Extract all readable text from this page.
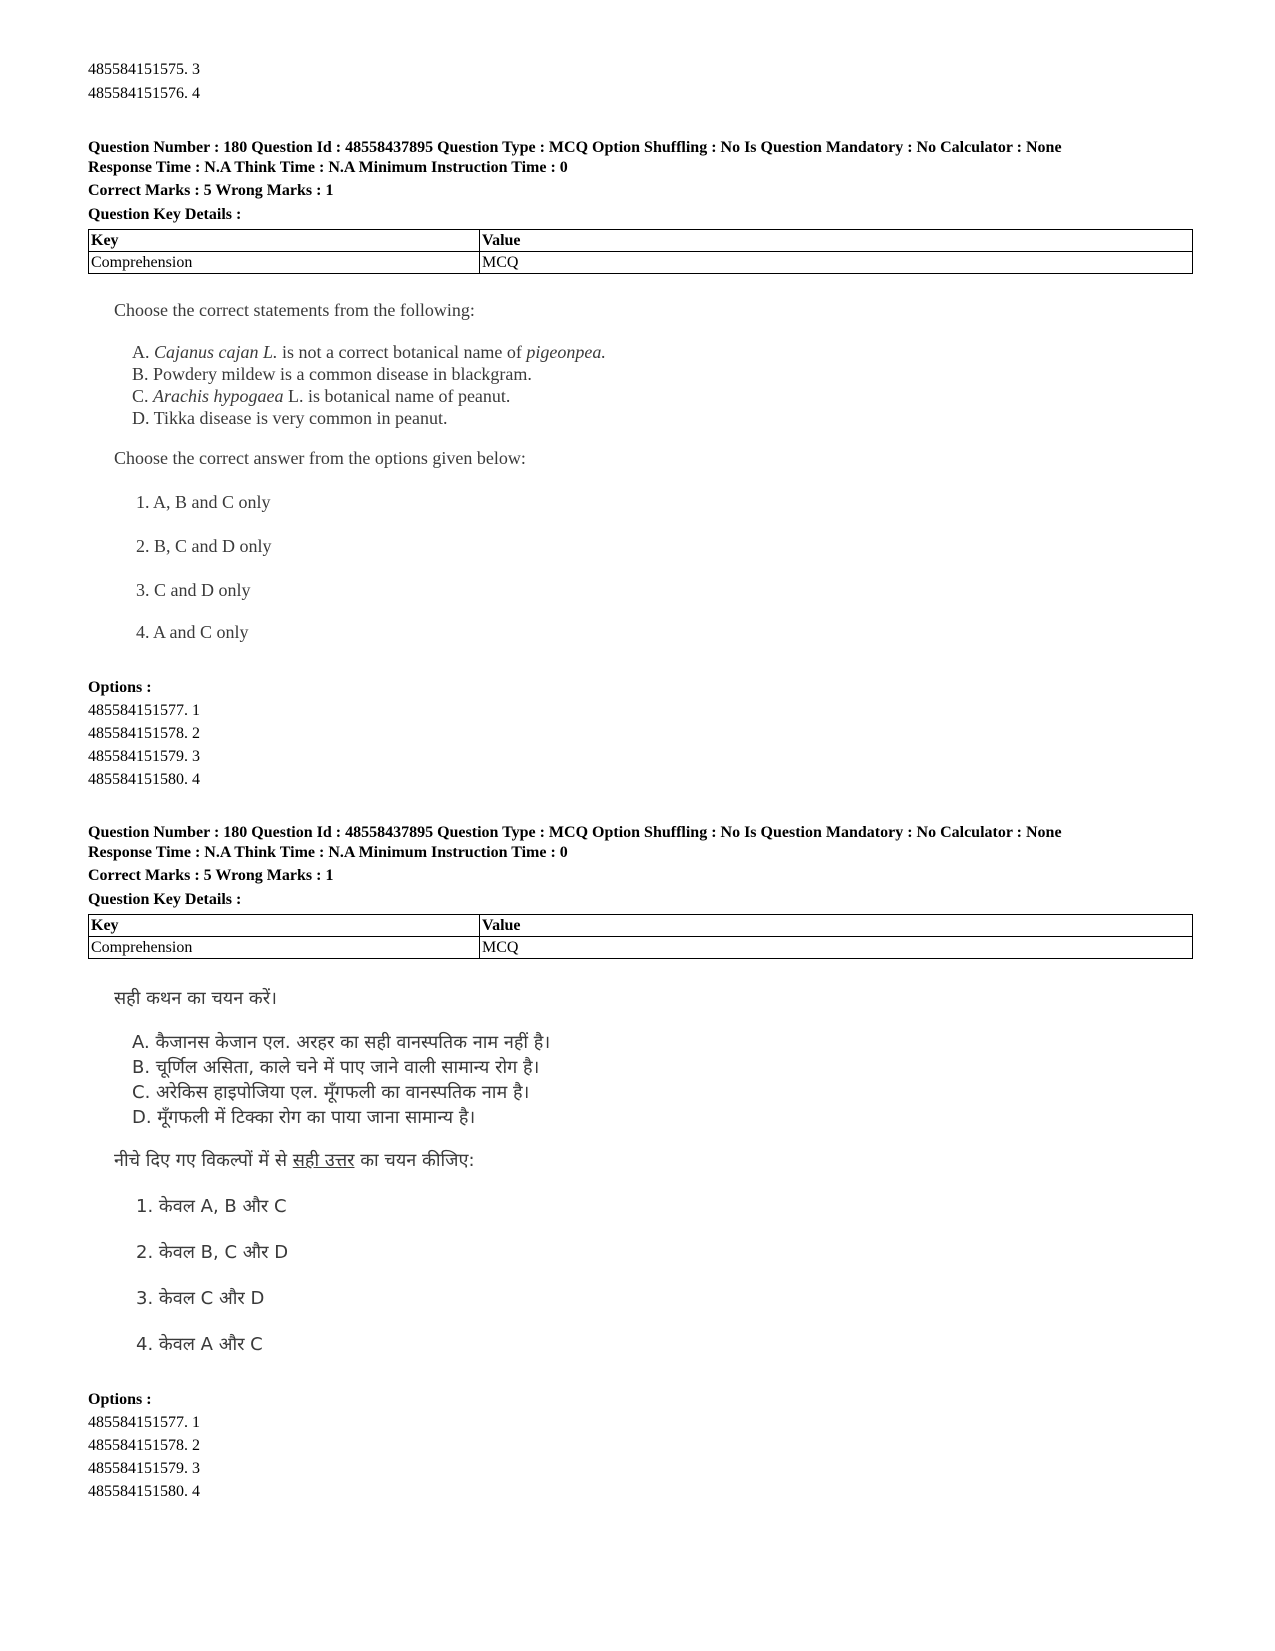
485584151575. 3
485584151576. 4
Question Number : 180 Question Id : 48558437895 Question Type : MCQ Option Shuffling : No Is Question Mandatory : No Calculator : None
Response Time : N.A Think Time : N.A Minimum Instruction Time : 0
Correct Marks : 5 Wrong Marks : 1
Question Key Details :
Key	Value
Comprehension	MCQ
Choose the correct statements from the following:
A. Cajanus cajan L. is not a correct botanical name of pigeonpea.
B. Powdery mildew is a common disease in blackgram.
C. Arachis hypogaea L. is botanical name of peanut.
D. Tikka disease is very common in peanut.
Choose the correct answer from the options given below:
1. A, B and C only
2. B, C and D only
3. C and D only
4. A and C only
Options :
485584151577. 1
485584151578. 2
485584151579. 3
485584151580. 4
Question Number : 180 Question Id : 48558437895 Question Type : MCQ Option Shuffling : No Is Question Mandatory : No Calculator : None
Response Time : N.A Think Time : N.A Minimum Instruction Time : 0
Correct Marks : 5 Wrong Marks : 1
Question Key Details :
Key	Value
Comprehension	MCQ
सही कथन का चयन करें।
A. कैजानस केजान एल. अरहर का सही वानस्पतिक नाम नहीं है।
B. चूर्णिल असिता, काले चने में पाए जाने वाली सामान्य रोग है।
C. अरेकिस हाइपोजिया एल. मूँगफली का वानस्पतिक नाम है।
D. मूँगफली में टिक्का रोग का पाया जाना सामान्य है।
नीचे दिए गए विकल्पों में से सही उत्तर का चयन कीजिए:
1. केवल A, B और C
2. केवल B, C और D
3. केवल C और D
4. केवल A और C
Options :
485584151577. 1
485584151578. 2
485584151579. 3
485584151580. 4
